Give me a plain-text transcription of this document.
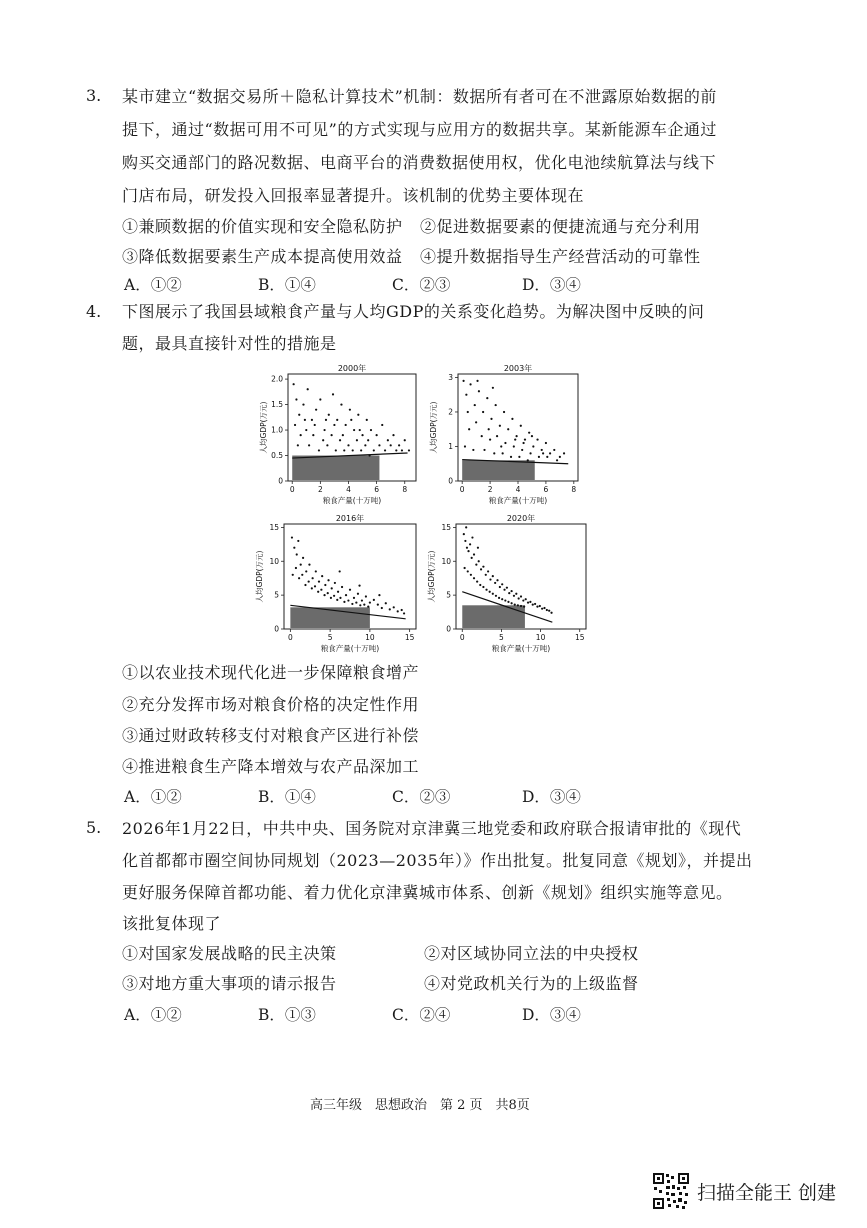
3. 某市建立“数据交易所＋隐私计算技术”机制：数据所有者可在不泄露原始数据的前
提下，通过“数据可用不可见”的方式实现与应用方的数据共享。某新能源车企通过
购买交通部门的路况数据、电商平台的消费数据使用权，优化电池续航算法与线下
门店布局，研发投入回报率显著提升。该机制的优势主要体现在
①兼顾数据的价值实现和安全隐私防护 ②促进数据要素的便捷流通与充分利用
③降低数据要素生产成本提高使用效益 ④提升数据指导生产经营活动的可靠性
A．①②	B．①④	C．②③	D．③④
4. 下图展示了我国县域粮食产量与人均GDP的关系变化趋势。为解决图中反映的问
题，最具直接针对性的措施是
2000年
0	2	4	6	8
0
0.5
1.0
1.5
2.0
粮食产量(十万吨)
人均GDP(万元)
2003年
0	2	4	6	8
0
1
2
3
粮食产量(十万吨)
人均GDP(万元)
2016年
0	5	10	15
0
5
10
15
粮食产量(十万吨)
人均GDP(万元)
2020年
0	5	10	15
0
5
10
15
粮食产量(十万吨)
人均GDP(万元)
①以农业技术现代化进一步保障粮食增产
②充分发挥市场对粮食价格的决定性作用
③通过财政转移支付对粮食产区进行补偿
④推进粮食生产降本增效与农产品深加工
A．①②	B．①④	C．②③	D．③④
5. 2026年1月22日，中共中央、国务院对京津冀三地党委和政府联合报请审批的《现代
化首都都市圈空间协同规划（2023—2035年）》作出批复。批复同意《规划》，并提出
更好服务保障首都功能、着力优化京津冀城市体系、创新《规划》组织实施等意见。
该批复体现了
①对国家发展战略的民主决策	②对区域协同立法的中央授权
③对地方重大事项的请示报告	④对党政机关行为的上级监督
A．①②	B．①③	C．②④	D．③④
高三年级　思想政治　第 2 页　共8页
扫描全能王 创建
